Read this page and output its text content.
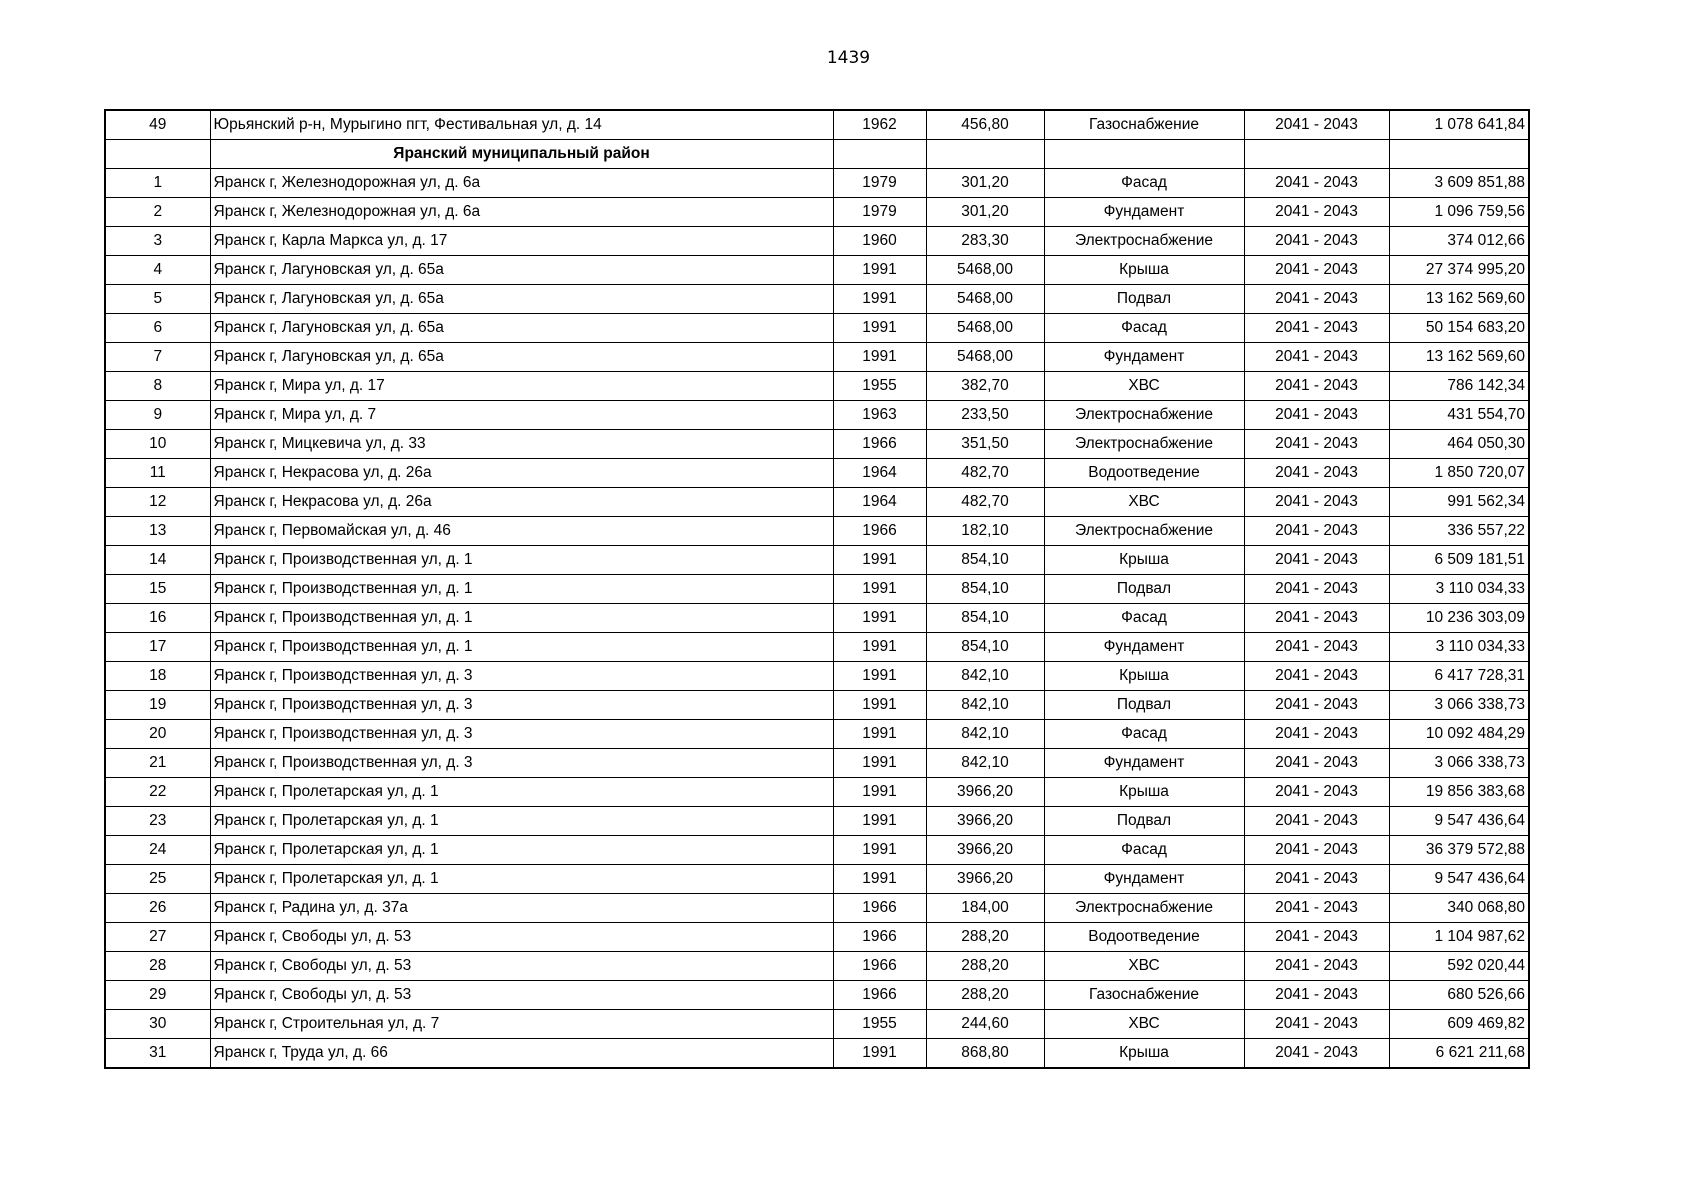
1439
49	Юрьянский р-н, Мурыгино пгт, Фестивальная ул, д. 14	1962	456,80	Газоснабжение	2041 - 2043	1 078 641,84
	Яранский муниципальный район					
1	Яранск г, Железнодорожная ул, д. 6а	1979	301,20	Фасад	2041 - 2043	3 609 851,88
2	Яранск г, Железнодорожная ул, д. 6а	1979	301,20	Фундамент	2041 - 2043	1 096 759,56
3	Яранск г, Карла Маркса ул, д. 17	1960	283,30	Электроснабжение	2041 - 2043	374 012,66
4	Яранск г, Лагуновская ул, д. 65а	1991	5468,00	Крыша	2041 - 2043	27 374 995,20
5	Яранск г, Лагуновская ул, д. 65а	1991	5468,00	Подвал	2041 - 2043	13 162 569,60
6	Яранск г, Лагуновская ул, д. 65а	1991	5468,00	Фасад	2041 - 2043	50 154 683,20
7	Яранск г, Лагуновская ул, д. 65а	1991	5468,00	Фундамент	2041 - 2043	13 162 569,60
8	Яранск г, Мира ул, д. 17	1955	382,70	ХВС	2041 - 2043	786 142,34
9	Яранск г, Мира ул, д. 7	1963	233,50	Электроснабжение	2041 - 2043	431 554,70
10	Яранск г, Мицкевича ул, д. 33	1966	351,50	Электроснабжение	2041 - 2043	464 050,30
11	Яранск г, Некрасова ул, д. 26а	1964	482,70	Водоотведение	2041 - 2043	1 850 720,07
12	Яранск г, Некрасова ул, д. 26а	1964	482,70	ХВС	2041 - 2043	991 562,34
13	Яранск г, Первомайская ул, д. 46	1966	182,10	Электроснабжение	2041 - 2043	336 557,22
14	Яранск г, Производственная ул, д. 1	1991	854,10	Крыша	2041 - 2043	6 509 181,51
15	Яранск г, Производственная ул, д. 1	1991	854,10	Подвал	2041 - 2043	3 110 034,33
16	Яранск г, Производственная ул, д. 1	1991	854,10	Фасад	2041 - 2043	10 236 303,09
17	Яранск г, Производственная ул, д. 1	1991	854,10	Фундамент	2041 - 2043	3 110 034,33
18	Яранск г, Производственная ул, д. 3	1991	842,10	Крыша	2041 - 2043	6 417 728,31
19	Яранск г, Производственная ул, д. 3	1991	842,10	Подвал	2041 - 2043	3 066 338,73
20	Яранск г, Производственная ул, д. 3	1991	842,10	Фасад	2041 - 2043	10 092 484,29
21	Яранск г, Производственная ул, д. 3	1991	842,10	Фундамент	2041 - 2043	3 066 338,73
22	Яранск г, Пролетарская ул, д. 1	1991	3966,20	Крыша	2041 - 2043	19 856 383,68
23	Яранск г, Пролетарская ул, д. 1	1991	3966,20	Подвал	2041 - 2043	9 547 436,64
24	Яранск г, Пролетарская ул, д. 1	1991	3966,20	Фасад	2041 - 2043	36 379 572,88
25	Яранск г, Пролетарская ул, д. 1	1991	3966,20	Фундамент	2041 - 2043	9 547 436,64
26	Яранск г, Радина ул, д. 37а	1966	184,00	Электроснабжение	2041 - 2043	340 068,80
27	Яранск г, Свободы ул, д. 53	1966	288,20	Водоотведение	2041 - 2043	1 104 987,62
28	Яранск г, Свободы ул, д. 53	1966	288,20	ХВС	2041 - 2043	592 020,44
29	Яранск г, Свободы ул, д. 53	1966	288,20	Газоснабжение	2041 - 2043	680 526,66
30	Яранск г, Строительная ул, д. 7	1955	244,60	ХВС	2041 - 2043	609 469,82
31	Яранск г, Труда ул, д. 66	1991	868,80	Крыша	2041 - 2043	6 621 211,68
